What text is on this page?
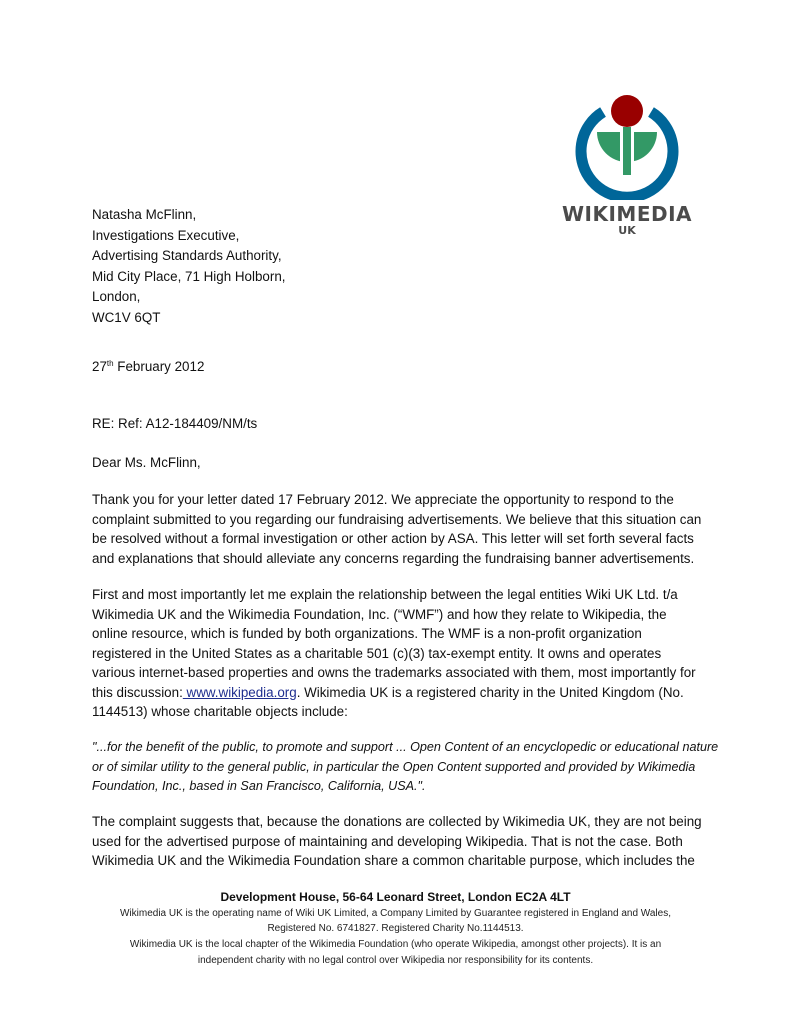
WIKIMEDIA
UK
Natasha McFlinn,
Investigations Executive,
Advertising Standards Authority,
Mid City Place, 71 High Holborn,
London,
WC1V 6QT
27th February 2012
RE: Ref: A12-184409/NM/ts
Dear Ms. McFlinn,
Thank you for your letter dated 17 February 2012. We appreciate the opportunity to respond to the
complaint submitted to you regarding our fundraising advertisements. We believe that this situation can
be resolved without a formal investigation or other action by ASA. This letter will set forth several facts
and explanations that should alleviate any concerns regarding the fundraising banner advertisements.
First and most importantly let me explain the relationship between the legal entities Wiki UK Ltd. t/a
Wikimedia UK and the Wikimedia Foundation, Inc. (“WMF”) and how they relate to Wikipedia, the
online resource, which is funded by both organizations. The WMF is a non-profit organization
registered in the United States as a charitable 501 (c)(3) tax-exempt entity. It owns and operates
various internet-based properties and owns the trademarks associated with them, most importantly for
this discussion: www.wikipedia.org. Wikimedia UK is a registered charity in the United Kingdom (No.
1144513) whose charitable objects include:
"...for the benefit of the public, to promote and support ... Open Content of an encyclopedic or educational nature
or of similar utility to the general public, in particular the Open Content supported and provided by Wikimedia
Foundation, Inc., based in San Francisco, California, USA.".
The complaint suggests that, because the donations are collected by Wikimedia UK, they are not being
used for the advertised purpose of maintaining and developing Wikipedia. That is not the case. Both
Wikimedia UK and the Wikimedia Foundation share a common charitable purpose, which includes the
Development House, 56-64 Leonard Street, London EC2A 4LT
Wikimedia UK is the operating name of Wiki UK Limited, a Company Limited by Guarantee registered in England and Wales,
Registered No. 6741827. Registered Charity No.1144513.
Wikimedia UK is the local chapter of the Wikimedia Foundation (who operate Wikipedia, amongst other projects). It is an
independent charity with no legal control over Wikipedia nor responsibility for its contents.
